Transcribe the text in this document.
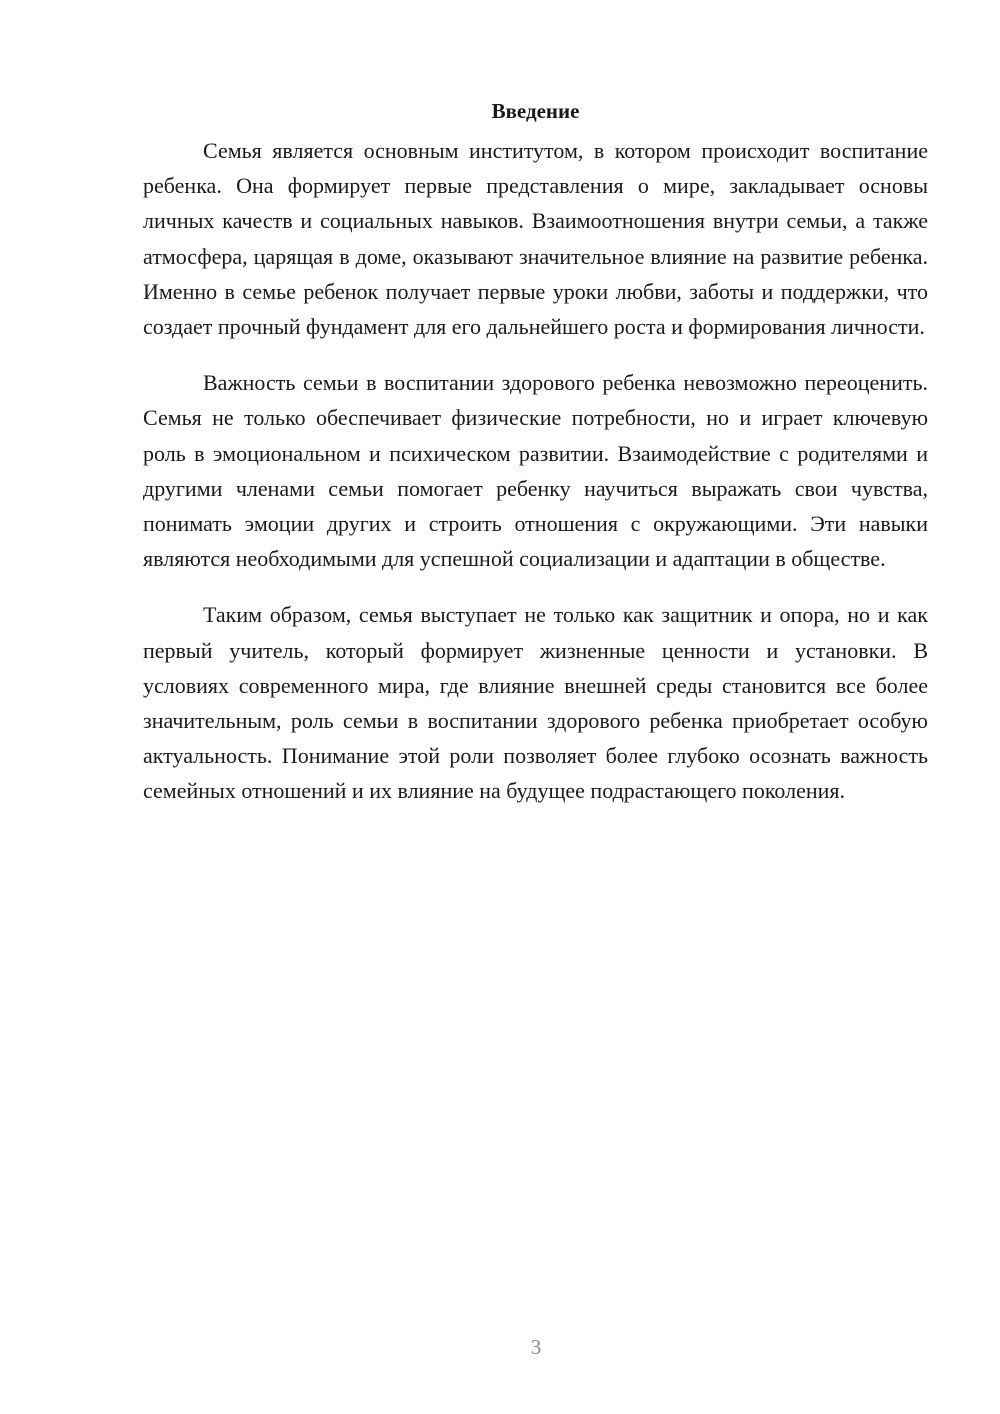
Введение

Семья является основным институтом, в котором происходит воспитание ребенка. Она формирует первые представления о мире, закладывает основы личных качеств и социальных навыков. Взаимоотношения внутри семьи, а также атмосфера, царящая в доме, оказывают значительное влияние на развитие ребенка. Именно в семье ребенок получает первые уроки любви, заботы и поддержки, что создает прочный фундамент для его дальнейшего роста и формирования личности.

Важность семьи в воспитании здорового ребенка невозможно переоценить. Семья не только обеспечивает физические потребности, но и играет ключевую роль в эмоциональном и психическом развитии. Взаимодействие с родителями и другими членами семьи помогает ребенку научиться выражать свои чувства, понимать эмоции других и строить отношения с окружающими. Эти навыки являются необходимыми для успешной социализации и адаптации в обществе.

Таким образом, семья выступает не только как защитник и опора, но и как первый учитель, который формирует жизненные ценности и установки. В условиях современного мира, где влияние внешней среды становится все более значительным, роль семьи в воспитании здорового ребенка приобретает особую актуальность. Понимание этой роли позволяет более глубоко осознать важность семейных отношений и их влияние на будущее подрастающего поколения.

3
